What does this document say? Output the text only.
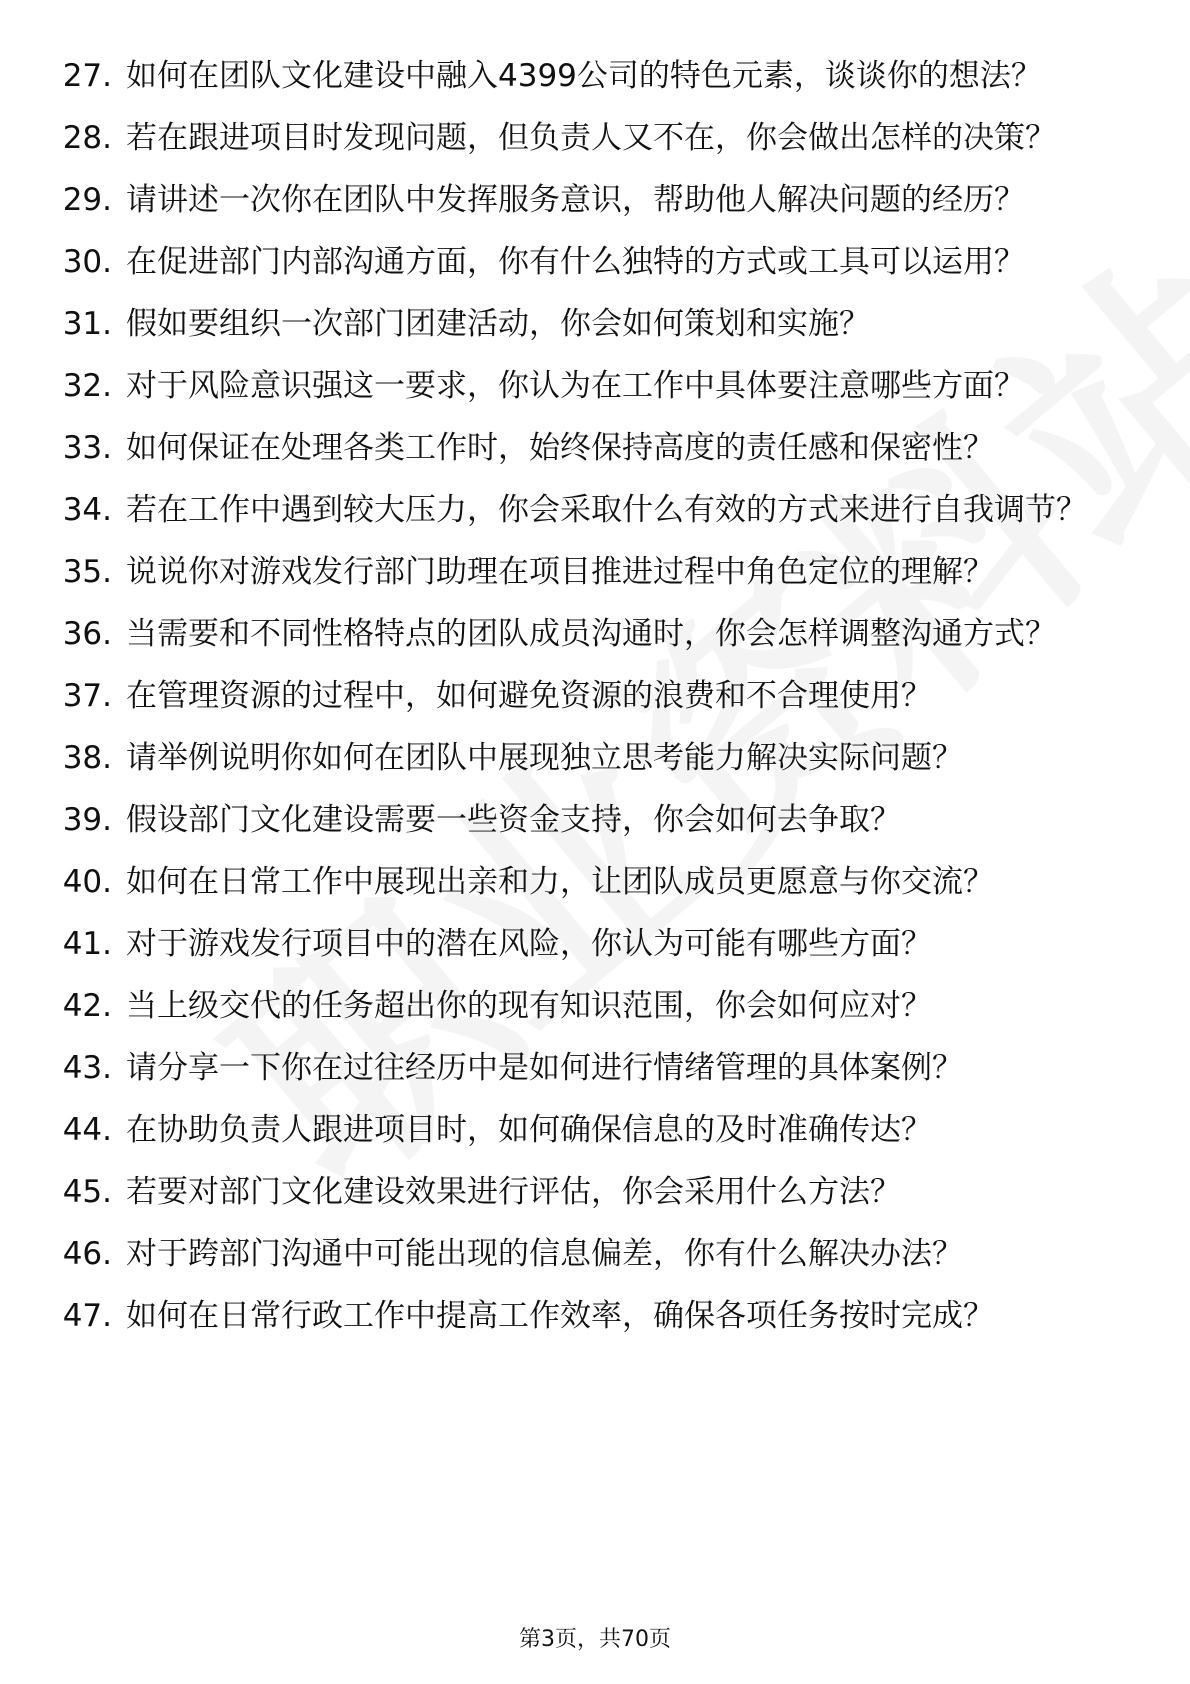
27. 如何在团队文化建设中融入4399公司的特色元素，谈谈你的想法？
28. 若在跟进项目时发现问题，但负责人又不在，你会做出怎样的决策？
29. 请讲述一次你在团队中发挥服务意识，帮助他人解决问题的经历？
30. 在促进部门内部沟通方面，你有什么独特的方式或工具可以运用？
31. 假如要组织一次部门团建活动，你会如何策划和实施？
32. 对于风险意识强这一要求，你认为在工作中具体要注意哪些方面？
33. 如何保证在处理各类工作时，始终保持高度的责任感和保密性？
34. 若在工作中遇到较大压力，你会采取什么有效的方式来进行自我调节？
35. 说说你对游戏发行部门助理在项目推进过程中角色定位的理解？
36. 当需要和不同性格特点的团队成员沟通时，你会怎样调整沟通方式？
37. 在管理资源的过程中，如何避免资源的浪费和不合理使用？
38. 请举例说明你如何在团队中展现独立思考能力解决实际问题？
39. 假设部门文化建设需要一些资金支持，你会如何去争取？
40. 如何在日常工作中展现出亲和力，让团队成员更愿意与你交流？
41. 对于游戏发行项目中的潜在风险，你认为可能有哪些方面？
42. 当上级交代的任务超出你的现有知识范围，你会如何应对？
43. 请分享一下你在过往经历中是如何进行情绪管理的具体案例？
44. 在协助负责人跟进项目时，如何确保信息的及时准确传达？
45. 若要对部门文化建设效果进行评估，你会采用什么方法？
46. 对于跨部门沟通中可能出现的信息偏差，你有什么解决办法？
47. 如何在日常行政工作中提高工作效率，确保各项任务按时完成？
第3页，共70页
